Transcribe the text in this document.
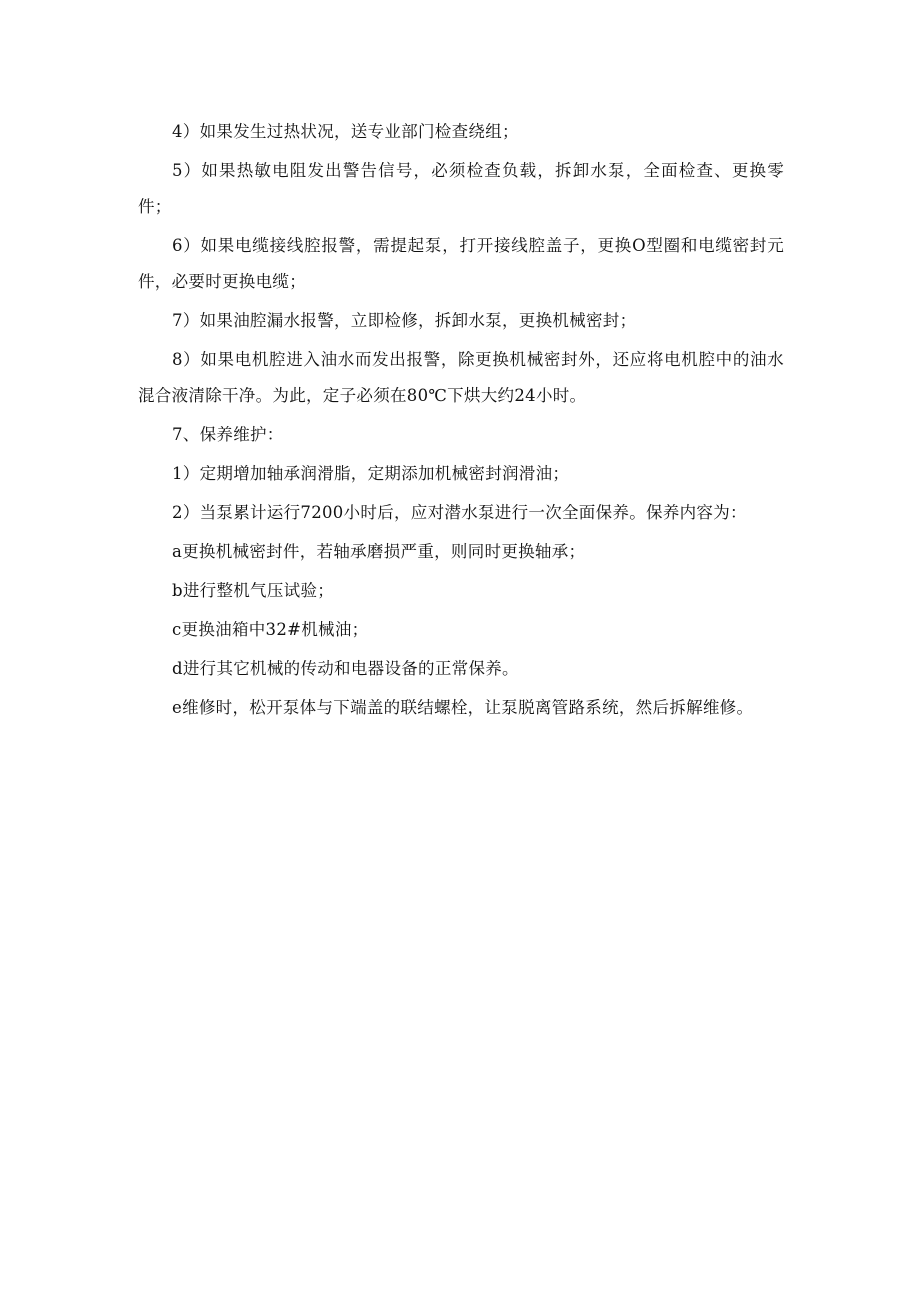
4）如果发生过热状况，送专业部门检查绕组；

5）如果热敏电阻发出警告信号，必须检查负载，拆卸水泵，全面检查、更换零件；

6）如果电缆接线腔报警，需提起泵，打开接线腔盖子，更换O型圈和电缆密封元件，必要时更换电缆；

7）如果油腔漏水报警，立即检修，拆卸水泵，更换机械密封；

8）如果电机腔进入油水而发出报警，除更换机械密封外，还应将电机腔中的油水混合液清除干净。为此，定子必须在80℃下烘大约24小时。

7、保养维护：

1）定期增加轴承润滑脂，定期添加机械密封润滑油；

2）当泵累计运行7200小时后，应对潜水泵进行一次全面保养。保养内容为：

a更换机械密封件，若轴承磨损严重，则同时更换轴承；

b进行整机气压试验；

c更换油箱中32#机械油；

d进行其它机械的传动和电器设备的正常保养。

e维修时，松开泵体与下端盖的联结螺栓，让泵脱离管路系统，然后拆解维修。
